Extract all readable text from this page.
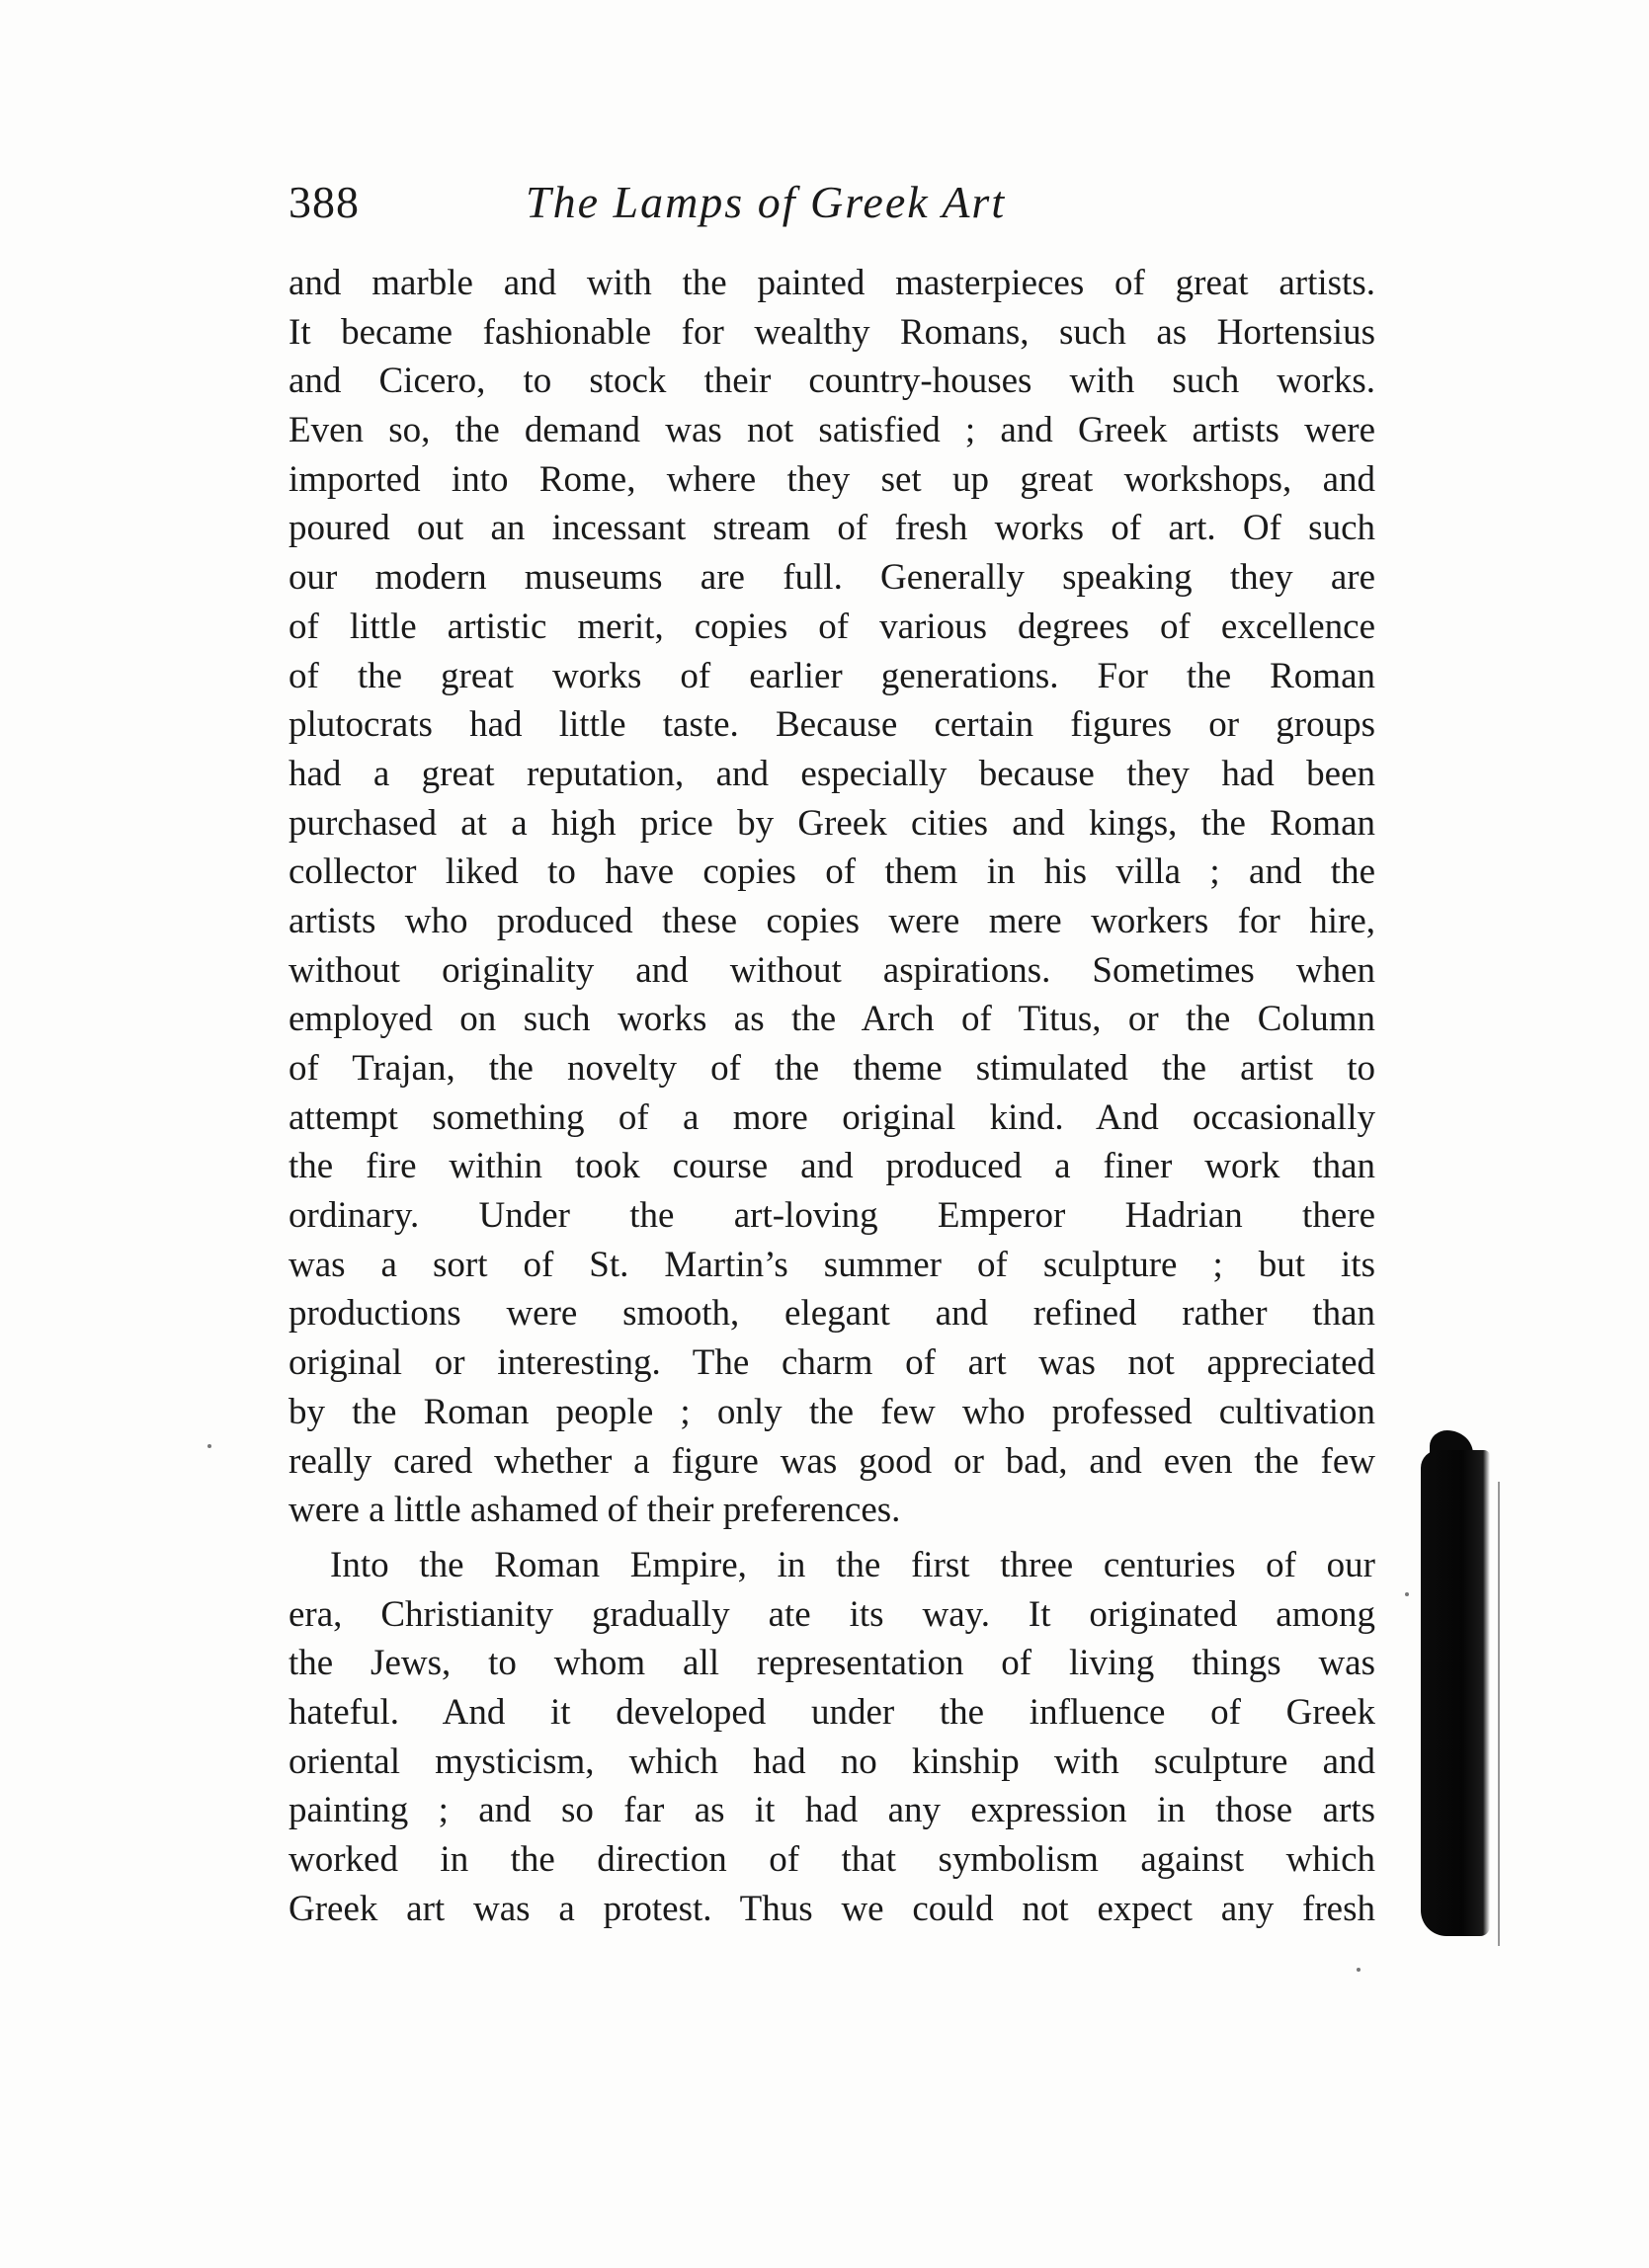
388	The Lamps of Greek Art
and marble and with the painted masterpieces of great artists.
It became fashionable for wealthy Romans, such as Hortensius
and Cicero, to stock their country-houses with such works.
Even so, the demand was not satisfied ; and Greek artists were
imported into Rome, where they set up great workshops, and
poured out an incessant stream of fresh works of art. Of such
our modern museums are full. Generally speaking they are
of little artistic merit, copies of various degrees of excellence
of the great works of earlier generations. For the Roman
plutocrats had little taste. Because certain figures or groups
had a great reputation, and especially because they had been
purchased at a high price by Greek cities and kings, the Roman
collector liked to have copies of them in his villa ; and the
artists who produced these copies were mere workers for hire,
without originality and without aspirations. Sometimes when
employed on such works as the Arch of Titus, or the Column
of Trajan, the novelty of the theme stimulated the artist to
attempt something of a more original kind. And occasionally
the fire within took course and produced a finer work than
ordinary. Under the art-loving Emperor Hadrian there
was a sort of St. Martin’s summer of sculpture ; but its
productions were smooth, elegant and refined rather than
original or interesting. The charm of art was not appreciated
by the Roman people ; only the few who professed cultivation
really cared whether a figure was good or bad, and even the few
were a little ashamed of their preferences.
Into the Roman Empire, in the first three centuries of our
era, Christianity gradually ate its way. It originated among
the Jews, to whom all representation of living things was
hateful. And it developed under the influence of Greek
oriental mysticism, which had no kinship with sculpture and
painting ; and so far as it had any expression in those arts
worked in the direction of that symbolism against which
Greek art was a protest. Thus we could not expect any fresh
